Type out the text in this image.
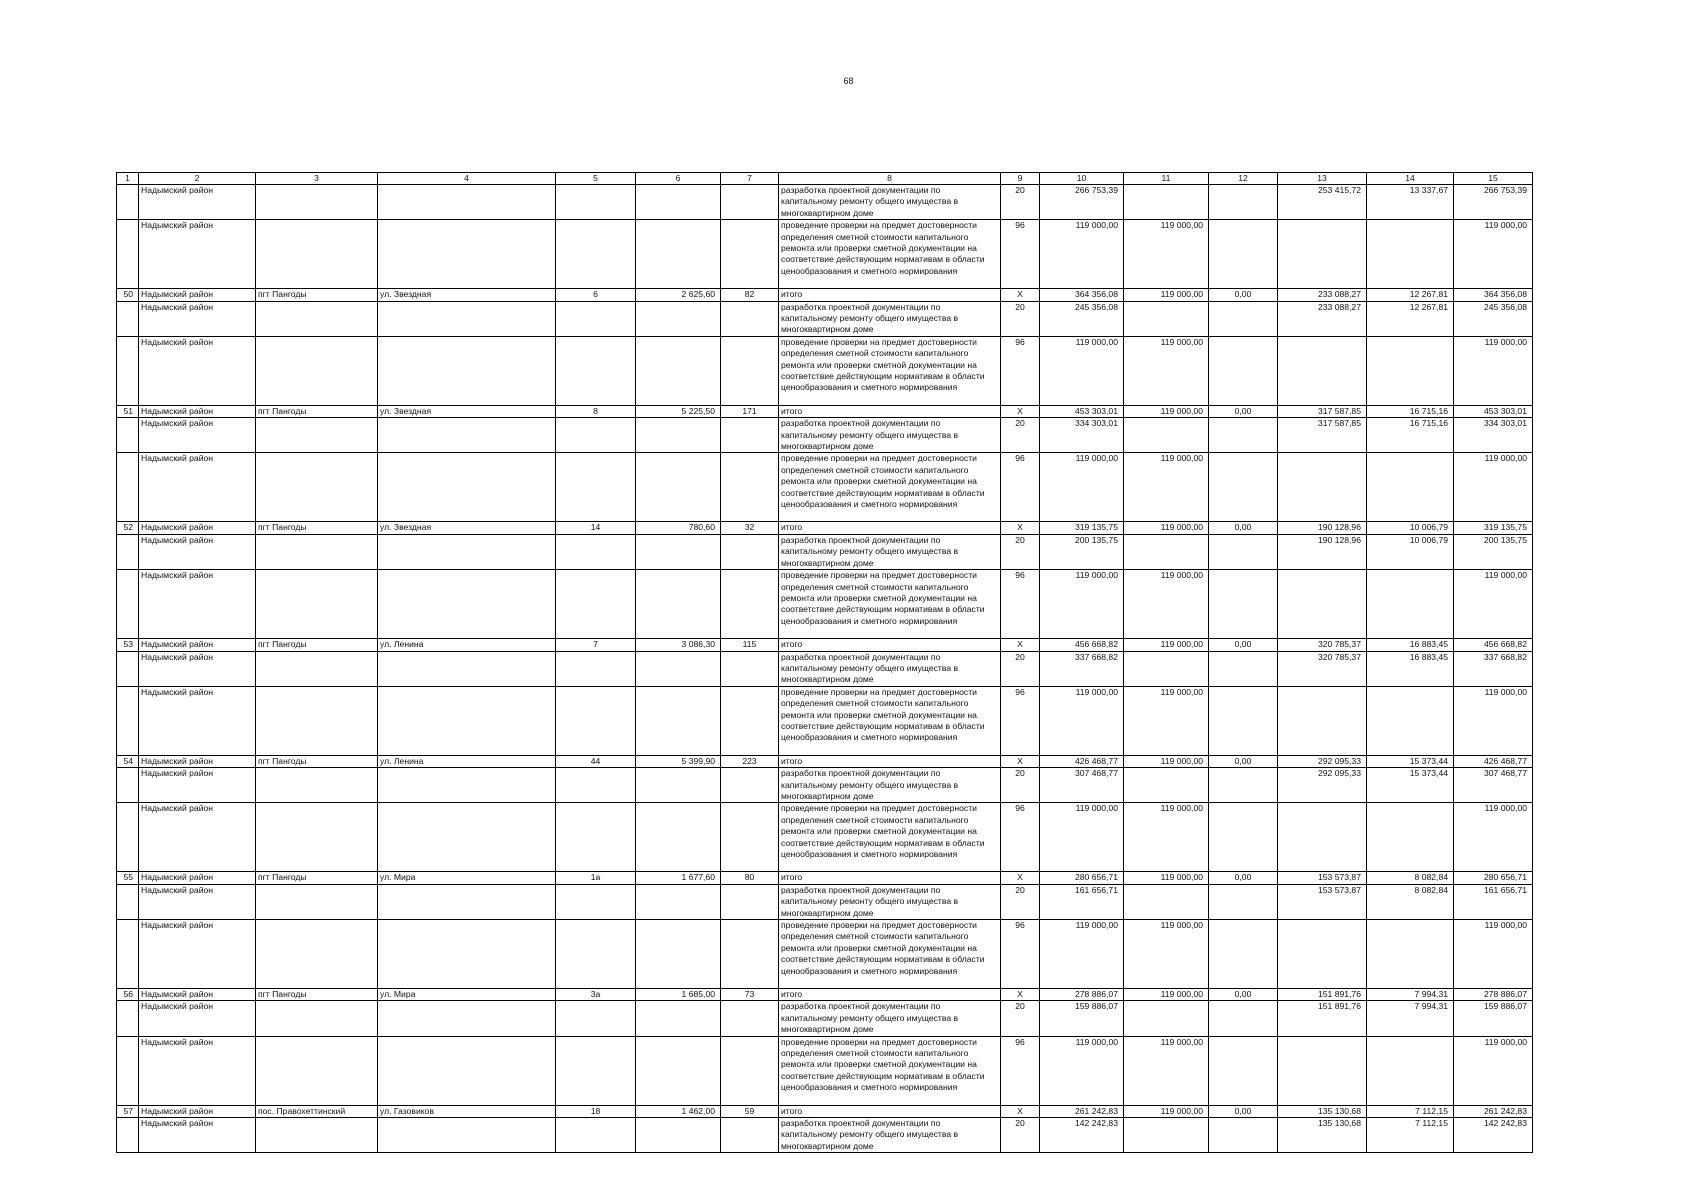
68
1	2	3	4	5	6	7	8	9	10	11	12	13	14	15
	Надымский район						разработка проектной документации по капитальному ремонту общего имущества в многоквартирном доме	20	266 753,39			253 415,72	13 337,67	266 753,39
	Надымский район						проведение проверки на предмет достоверности определения сметной стоимости капитального ремонта или проверки сметной документации на соответствие действующим нормативам в области ценообразования и сметного нормирования	96	119 000,00	119 000,00				119 000,00
50	Надымский район	пгт Пангоды	ул. Звездная	6	2 625,60	82	итого	X	364 356,08	119 000,00	0,00	233 088,27	12 267,81	364 356,08
	Надымский район						разработка проектной документации по капитальному ремонту общего имущества в многоквартирном доме	20	245 356,08			233 088,27	12 267,81	245 356,08
	Надымский район						проведение проверки на предмет достоверности определения сметной стоимости капитального ремонта или проверки сметной документации на соответствие действующим нормативам в области ценообразования и сметного нормирования	96	119 000,00	119 000,00				119 000,00
51	Надымский район	пгт Пангоды	ул. Звездная	8	5 225,50	171	итого	X	453 303,01	119 000,00	0,00	317 587,85	16 715,16	453 303,01
	Надымский район						разработка проектной документации по капитальному ремонту общего имущества в многоквартирном доме	20	334 303,01			317 587,85	16 715,16	334 303,01
	Надымский район						проведение проверки на предмет достоверности определения сметной стоимости капитального ремонта или проверки сметной документации на соответствие действующим нормативам в области ценообразования и сметного нормирования	96	119 000,00	119 000,00				119 000,00
52	Надымский район	пгт Пангоды	ул. Звездная	14	780,60	32	итого	X	319 135,75	119 000,00	0,00	190 128,96	10 006,79	319 135,75
	Надымский район						разработка проектной документации по капитальному ремонту общего имущества в многоквартирном доме	20	200 135,75			190 128,96	10 006,79	200 135,75
	Надымский район						проведение проверки на предмет достоверности определения сметной стоимости капитального ремонта или проверки сметной документации на соответствие действующим нормативам в области ценообразования и сметного нормирования	96	119 000,00	119 000,00				119 000,00
53	Надымский район	пгт Пангоды	ул. Ленина	7	3 086,30	115	итого	X	456 668,82	119 000,00	0,00	320 785,37	16 883,45	456 668,82
	Надымский район						разработка проектной документации по капитальному ремонту общего имущества в многоквартирном доме	20	337 668,82			320 785,37	16 883,45	337 668,82
	Надымский район						проведение проверки на предмет достоверности определения сметной стоимости капитального ремонта или проверки сметной документации на соответствие действующим нормативам в области ценообразования и сметного нормирования	96	119 000,00	119 000,00				119 000,00
54	Надымский район	пгт Пангоды	ул. Ленина	44	5 399,90	223	итого	X	426 468,77	119 000,00	0,00	292 095,33	15 373,44	426 468,77
	Надымский район						разработка проектной документации по капитальному ремонту общего имущества в многоквартирном доме	20	307 468,77			292 095,33	15 373,44	307 468,77
	Надымский район						проведение проверки на предмет достоверности определения сметной стоимости капитального ремонта или проверки сметной документации на соответствие действующим нормативам в области ценообразования и сметного нормирования	96	119 000,00	119 000,00				119 000,00
55	Надымский район	пгт Пангоды	ул. Мира	1а	1 677,60	80	итого	X	280 656,71	119 000,00	0,00	153 573,87	8 082,84	280 656,71
	Надымский район						разработка проектной документации по капитальному ремонту общего имущества в многоквартирном доме	20	161 656,71			153 573,87	8 082,84	161 656,71
	Надымский район						проведение проверки на предмет достоверности определения сметной стоимости капитального ремонта или проверки сметной документации на соответствие действующим нормативам в области ценообразования и сметного нормирования	96	119 000,00	119 000,00				119 000,00
56	Надымский район	пгт Пангоды	ул. Мира	3а	1 685,00	73	итого	X	278 886,07	119 000,00	0,00	151 891,76	7 994,31	278 886,07
	Надымский район						разработка проектной документации по капитальному ремонту общего имущества в многоквартирном доме	20	159 886,07			151 891,76	7 994,31	159 886,07
	Надымский район						проведение проверки на предмет достоверности определения сметной стоимости капитального ремонта или проверки сметной документации на соответствие действующим нормативам в области ценообразования и сметного нормирования	96	119 000,00	119 000,00				119 000,00
57	Надымский район	пос. Правохеттинский	ул. Газовиков	18	1 462,00	59	итого	X	261 242,83	119 000,00	0,00	135 130,68	7 112,15	261 242,83
	Надымский район						разработка проектной документации по капитальному ремонту общего имущества в многоквартирном доме	20	142 242,83			135 130,68	7 112,15	142 242,83
